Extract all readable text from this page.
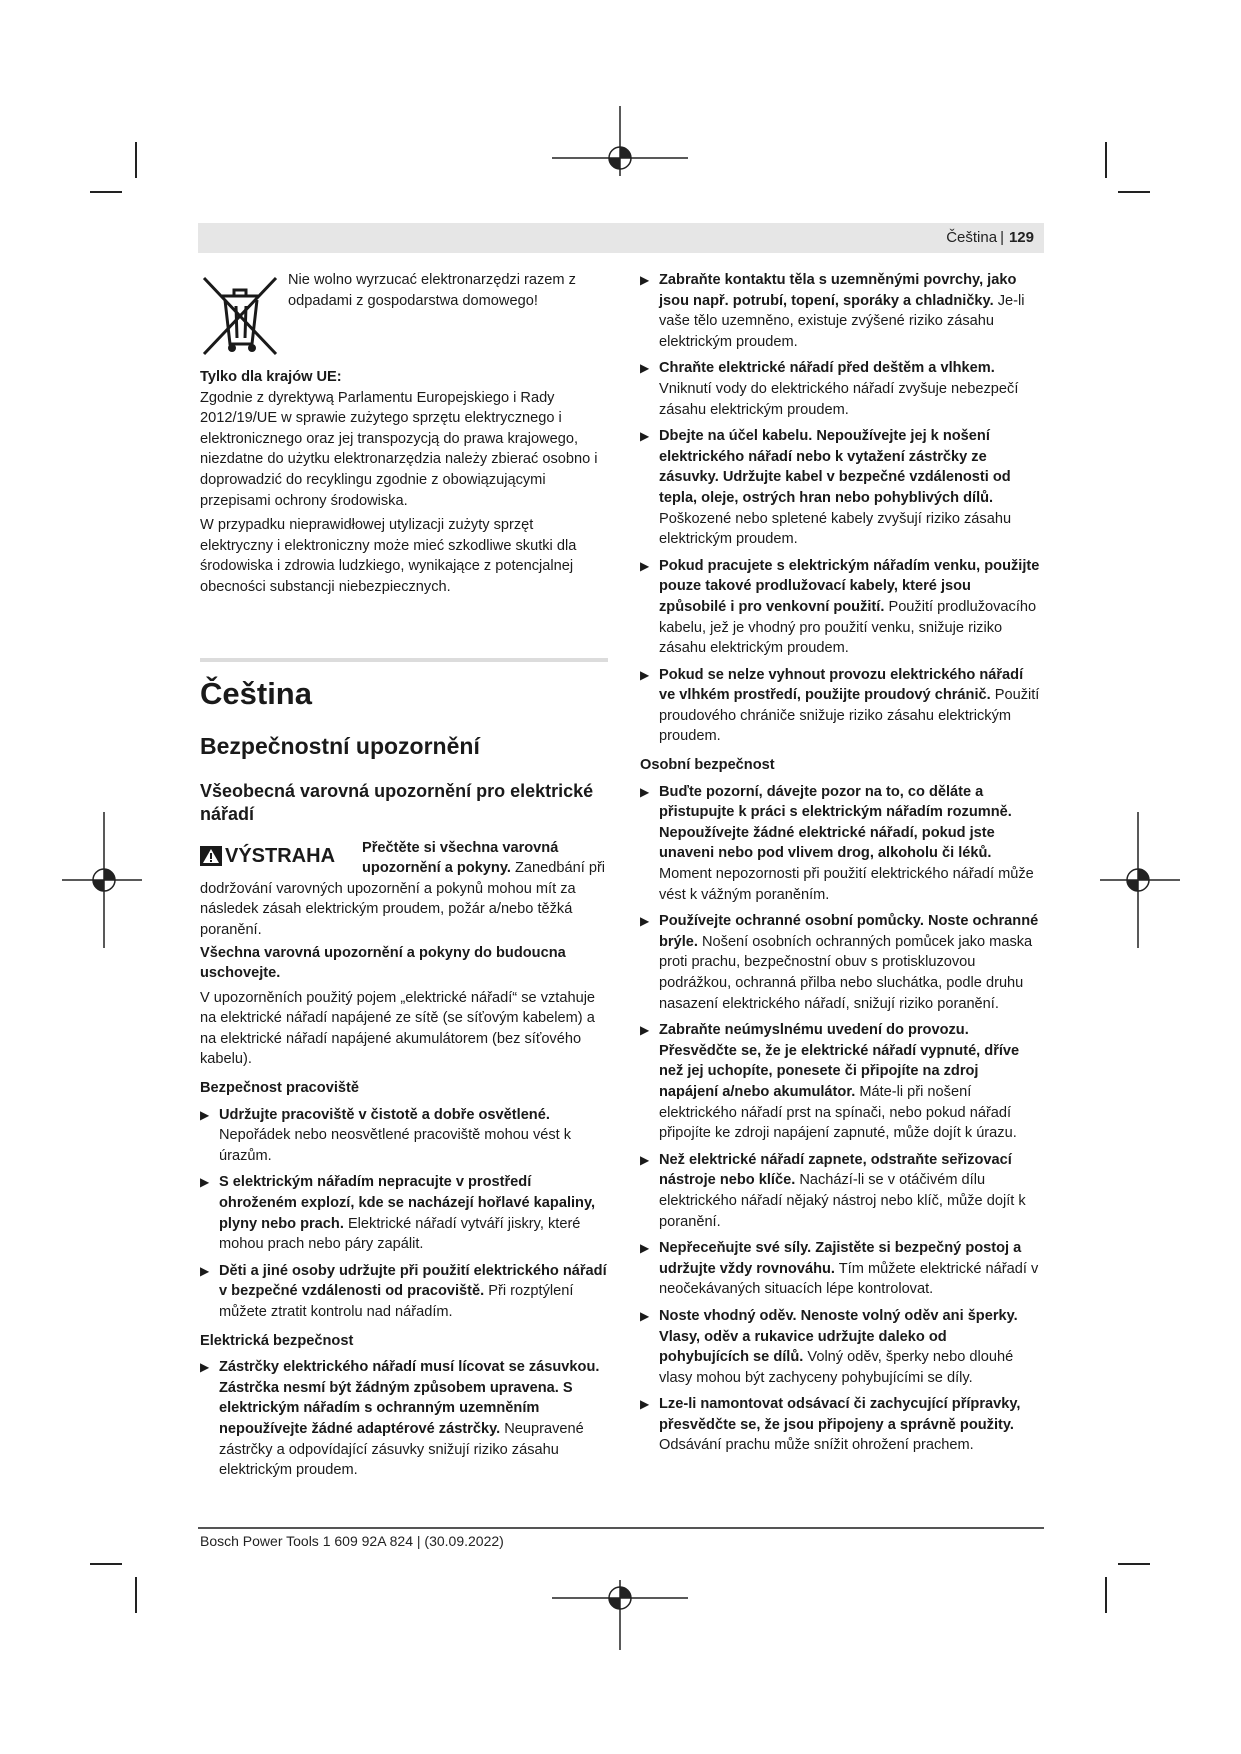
Čeština | 129

Nie wolno wyrzucać elektronarzędzi razem z odpadami z gospodarstwa domowego!

Tylko dla krajów UE:

Zgodnie z dyrektywą Parlamentu Europejskiego i Rady 2012/19/UE w sprawie zużytego sprzętu elektrycznego i elektronicznego oraz jej transpozycją do prawa krajowego, niezdatne do użytku elektronarzędzia należy zbierać osobno i doprowadzić do recyklingu zgodnie z obowiązującymi przepisami ochrony środowiska.

W przypadku nieprawidłowej utylizacji zużyty sprzęt elektryczny i elektroniczny może mieć szkodliwe skutki dla środowiska i zdrowia ludzkiego, wynikające z potencjalnej obecności substancji niebezpiecznych.

Čeština
Bezpečnostní upozornění
Všeobecná varovná upozornění pro elektrické nářadí
VÝSTRAHA	Přečtěte si všechna varovná upozornění a pokyny. Zanedbání při dodržování varovných upozornění a pokynů mohou mít za následek zásah elektrickým proudem, požár a/nebo těžká poranění.

Všechna varovná upozornění a pokyny do budoucna uschovejte.

V upozorněních použitý pojem „elektrické nářadí“ se vztahuje na elektrické nářadí napájené ze sítě (se síťovým kabelem) a na elektrické nářadí napájené akumulátorem (bez síťového kabelu).

Bezpečnost pracoviště

▶ Udržujte pracoviště v čistotě a dobře osvětlené. Nepořádek nebo neosvětlené pracoviště mohou vést k úrazům.
▶ S elektrickým nářadím nepracujte v prostředí ohroženém explozí, kde se nacházejí hořlavé kapaliny, plyny nebo prach. Elektrické nářadí vytváří jiskry, které mohou prach nebo páry zapálit.
▶ Děti a jiné osoby udržujte při použití elektrického nářadí v bezpečné vzdálenosti od pracoviště. Při rozptýlení můžete ztratit kontrolu nad nářadím.

Elektrická bezpečnost

▶ Zástrčky elektrického nářadí musí lícovat se zásuvkou. Zástrčka nesmí být žádným způsobem upravena. S elektrickým nářadím s ochranným uzemněním nepoužívejte žádné adaptérové zástrčky. Neupravené zástrčky a odpovídající zásuvky snižují riziko zásahu elektrickým proudem.
▶ Zabraňte kontaktu těla s uzemněnými povrchy, jako jsou např. potrubí, topení, sporáky a chladničky. Je-li vaše tělo uzemněno, existuje zvýšené riziko zásahu elektrickým proudem.
▶ Chraňte elektrické nářadí před deštěm a vlhkem. Vniknutí vody do elektrického nářadí zvyšuje nebezpečí zásahu elektrickým proudem.
▶ Dbejte na účel kabelu. Nepoužívejte jej k nošení elektrického nářadí nebo k vytažení zástrčky ze zásuvky. Udržujte kabel v bezpečné vzdálenosti od tepla, oleje, ostrých hran nebo pohyblivých dílů. Poškozené nebo spletené kabely zvyšují riziko zásahu elektrickým proudem.
▶ Pokud pracujete s elektrickým nářadím venku, použijte pouze takové prodlužovací kabely, které jsou způsobilé i pro venkovní použití. Použití prodlužovacího kabelu, jež je vhodný pro použití venku, snižuje riziko zásahu elektrickým proudem.
▶ Pokud se nelze vyhnout provozu elektrického nářadí ve vlhkém prostředí, použijte proudový chránič. Použití proudového chrániče snižuje riziko zásahu elektrickým proudem.

Osobní bezpečnost

▶ Buďte pozorní, dávejte pozor na to, co děláte a přistupujte k práci s elektrickým nářadím rozumně. Nepoužívejte žádné elektrické nářadí, pokud jste unaveni nebo pod vlivem drog, alkoholu či léků. Moment nepozornosti při použití elektrického nářadí může vést k vážným poraněním.
▶ Používejte ochranné osobní pomůcky. Noste ochranné brýle. Nošení osobních ochranných pomůcek jako maska proti prachu, bezpečnostní obuv s protiskluzovou podrážkou, ochranná přilba nebo sluchátka, podle druhu nasazení elektrického nářadí, snižují riziko poranění.
▶ Zabraňte neúmyslnému uvedení do provozu. Přesvědčte se, že je elektrické nářadí vypnuté, dříve než jej uchopíte, ponesete či připojíte na zdroj napájení a/nebo akumulátor. Máte-li při nošení elektrického nářadí prst na spínači, nebo pokud nářadí připojíte ke zdroji napájení zapnuté, může dojít k úrazu.
▶ Než elektrické nářadí zapnete, odstraňte seřizovací nástroje nebo klíče. Nachází-li se v otáčivém dílu elektrického nářadí nějaký nástroj nebo klíč, může dojít k poranění.
▶ Nepřeceňujte své síly. Zajistěte si bezpečný postoj a udržujte vždy rovnováhu. Tím můžete elektrické nářadí v neočekávaných situacích lépe kontrolovat.
▶ Noste vhodný oděv. Nenoste volný oděv ani šperky. Vlasy, oděv a rukavice udržujte daleko od pohybujících se dílů. Volný oděv, šperky nebo dlouhé vlasy mohou být zachyceny pohybujícími se díly.
▶ Lze-li namontovat odsávací či zachycující přípravky, přesvědčte se, že jsou připojeny a správně použity. Odsávání prachu může snížit ohrožení prachem.
Bosch Power Tools 1 609 92A 824 | (30.09.2022)
